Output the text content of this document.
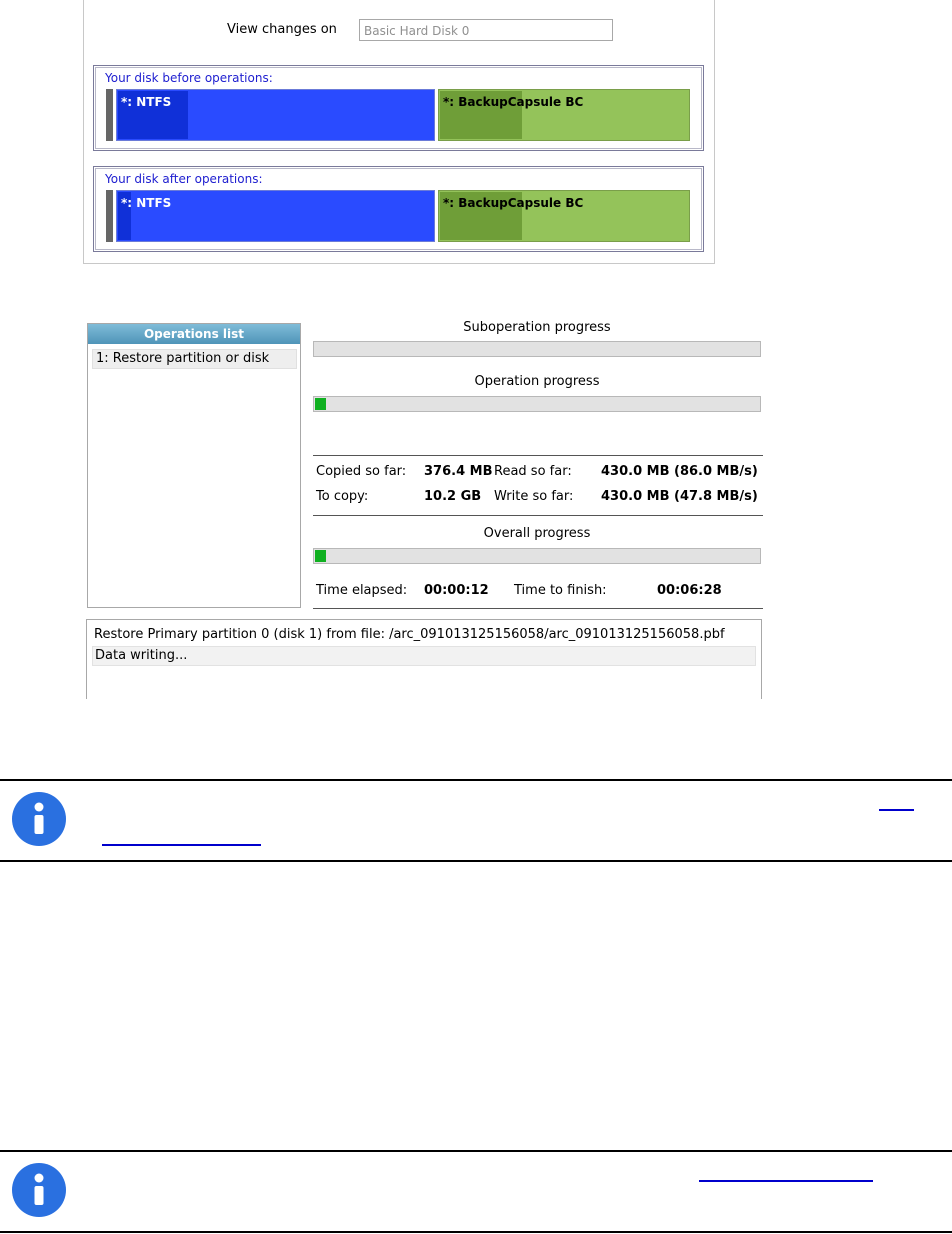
View changes on	Basic Hard Disk 0
Your disk before operations:
*: NTFS	*: BackupCapsule BC
Your disk after operations:
*: NTFS	*: BackupCapsule BC
Operations list
1: Restore partition or disk
Suboperation progress
Operation progress
Copied so far: 376.4 MB Read so far: 430.0 MB (86.0 MB/s)
To copy:	10.2 GB Write so far: 430.0 MB (47.8 MB/s)
Overall progress
Time elapsed: 00:00:12 Time to finish:	00:06:28
Restore Primary partition 0 (disk 1) from file: /arc_091013125156058/arc_091013125156058.pbf
Data writing...
